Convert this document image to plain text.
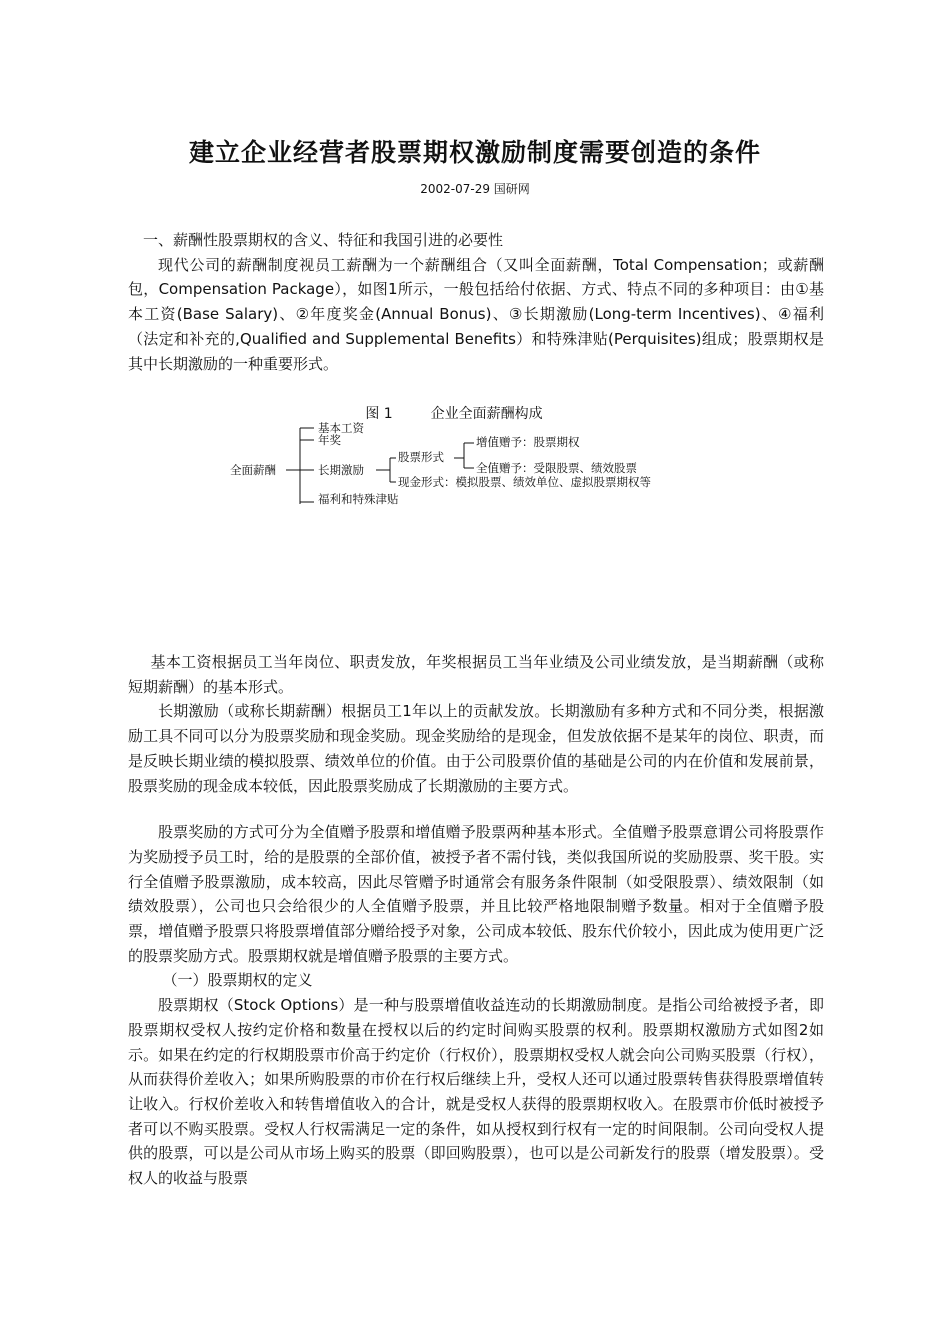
建立企业经营者股票期权激励制度需要创造的条件
2002-07-29 国研网

一、薪酬性股票期权的含义、特征和我国引进的必要性

现代公司的薪酬制度视员工薪酬为一个薪酬组合（又叫全面薪酬，Total Compensation；或薪酬包，Compensation Package），如图1所示，一般包括给付依据、方式、特点不同的多种项目：由①基本工资(Base Salary)、②年度奖金(Annual Bonus)、③长期激励(Long-term Incentives)、④福利（法定和补充的,Qualified and Supplemental Benefits）和特殊津贴(Perquisites)组成；股票期权是其中长期激励的一种重要形式。

图 1	企业全面薪酬构成
全面薪酬
基本工资
年奖
长期激励
福利和特殊津贴
股票形式
现金形式：模拟股票、绩效单位、虚拟股票期权等
增值赠予：股票期权
全值赠予：受限股票、绩效股票

基本工资根据员工当年岗位、职责发放，年奖根据员工当年业绩及公司业绩发放，是当期薪酬（或称短期薪酬）的基本形式。

长期激励（或称长期薪酬）根据员工1年以上的贡献发放。长期激励有多种方式和不同分类，根据激励工具不同可以分为股票奖励和现金奖励。现金奖励给的是现金，但发放依据不是某年的岗位、职责，而是反映长期业绩的模拟股票、绩效单位的价值。由于公司股票价值的基础是公司的内在价值和发展前景，股票奖励的现金成本较低，因此股票奖励成了长期激励的主要方式。

股票奖励的方式可分为全值赠予股票和增值赠予股票两种基本形式。全值赠予股票意谓公司将股票作为奖励授予员工时，给的是股票的全部价值，被授予者不需付钱，类似我国所说的奖励股票、奖干股。实行全值赠予股票激励，成本较高，因此尽管赠予时通常会有服务条件限制（如受限股票）、绩效限制（如绩效股票），公司也只会给很少的人全值赠予股票，并且比较严格地限制赠予数量。相对于全值赠予股票，增值赠予股票只将股票增值部分赠给授予对象，公司成本较低、股东代价较小，因此成为使用更广泛的股票奖励方式。股票期权就是增值赠予股票的主要方式。

（一）股票期权的定义

股票期权（Stock Options）是一种与股票增值收益连动的长期激励制度。是指公司给被授予者，即股票期权受权人按约定价格和数量在授权以后的约定时间购买股票的权利。股票期权激励方式如图2如示。如果在约定的行权期股票市价高于约定价（行权价），股票期权受权人就会向公司购买股票（行权），从而获得价差收入；如果所购股票的市价在行权后继续上升，受权人还可以通过股票转售获得股票增值转让收入。行权价差收入和转售增值收入的合计，就是受权人获得的股票期权收入。在股票市价低时被授予者可以不购买股票。受权人行权需满足一定的条件，如从授权到行权有一定的时间限制。公司向受权人提供的股票，可以是公司从市场上购买的股票（即回购股票），也可以是公司新发行的股票（增发股票）。受权人的收益与股票
